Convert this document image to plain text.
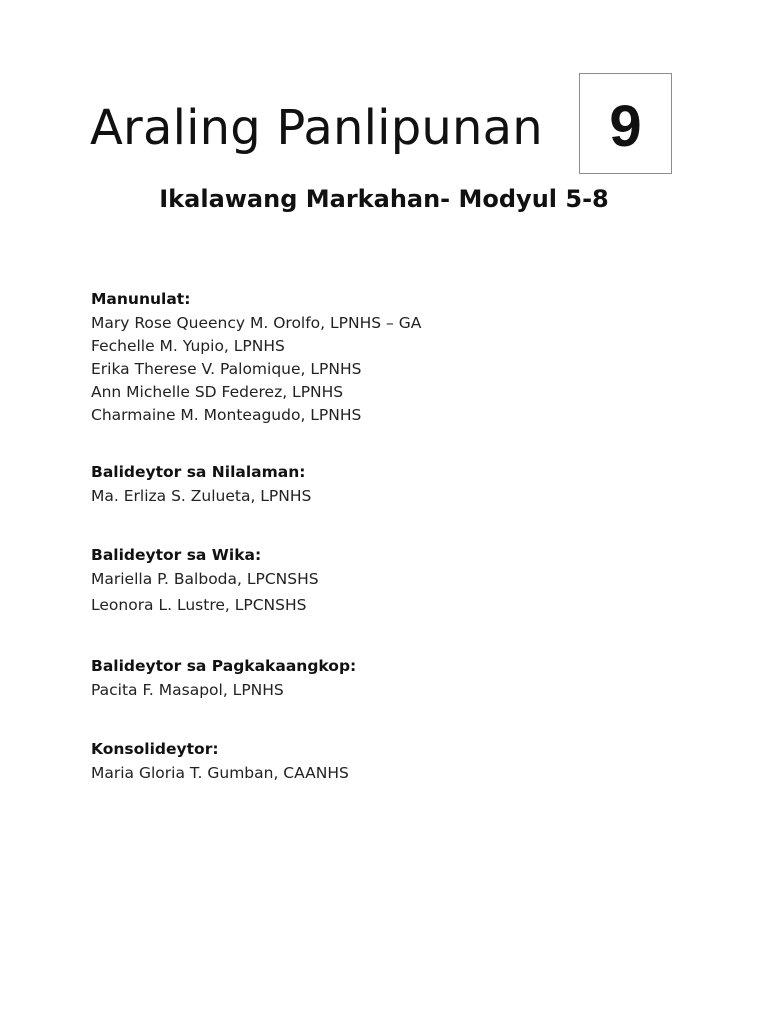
Araling Panlipunan 9
Ikalawang Markahan- Modyul 5-8
Manunulat:
Mary Rose Queency M. Orolfo, LPNHS – GA
Fechelle M. Yupio, LPNHS
Erika Therese V. Palomique, LPNHS
Ann Michelle SD Federez, LPNHS
Charmaine M. Monteagudo, LPNHS
Balideytor sa Nilalaman:
Ma. Erliza S. Zulueta, LPNHS
Balideytor sa Wika:
Mariella P. Balboda, LPCNSHS
Leonora L. Lustre, LPCNSHS
Balideytor sa Pagkakaangkop:
Pacita F. Masapol, LPNHS
Konsolideytor:
Maria Gloria T. Gumban, CAANHS
